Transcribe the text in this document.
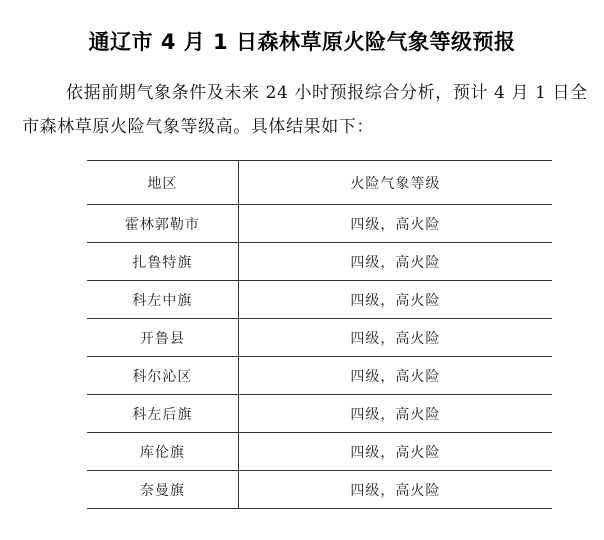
通辽市 4 月 1 日森林草原火险气象等级预报

依据前期气象条件及未来 24 小时预报综合分析，预计 4 月 1 日全市森林草原火险气象等级高。具体结果如下：

地区	火险气象等级
霍林郭勒市	四级，高火险
扎鲁特旗	四级，高火险
科左中旗	四级，高火险
开鲁县	四级，高火险
科尔沁区	四级，高火险
科左后旗	四级，高火险
库伦旗	四级，高火险
奈曼旗	四级，高火险
